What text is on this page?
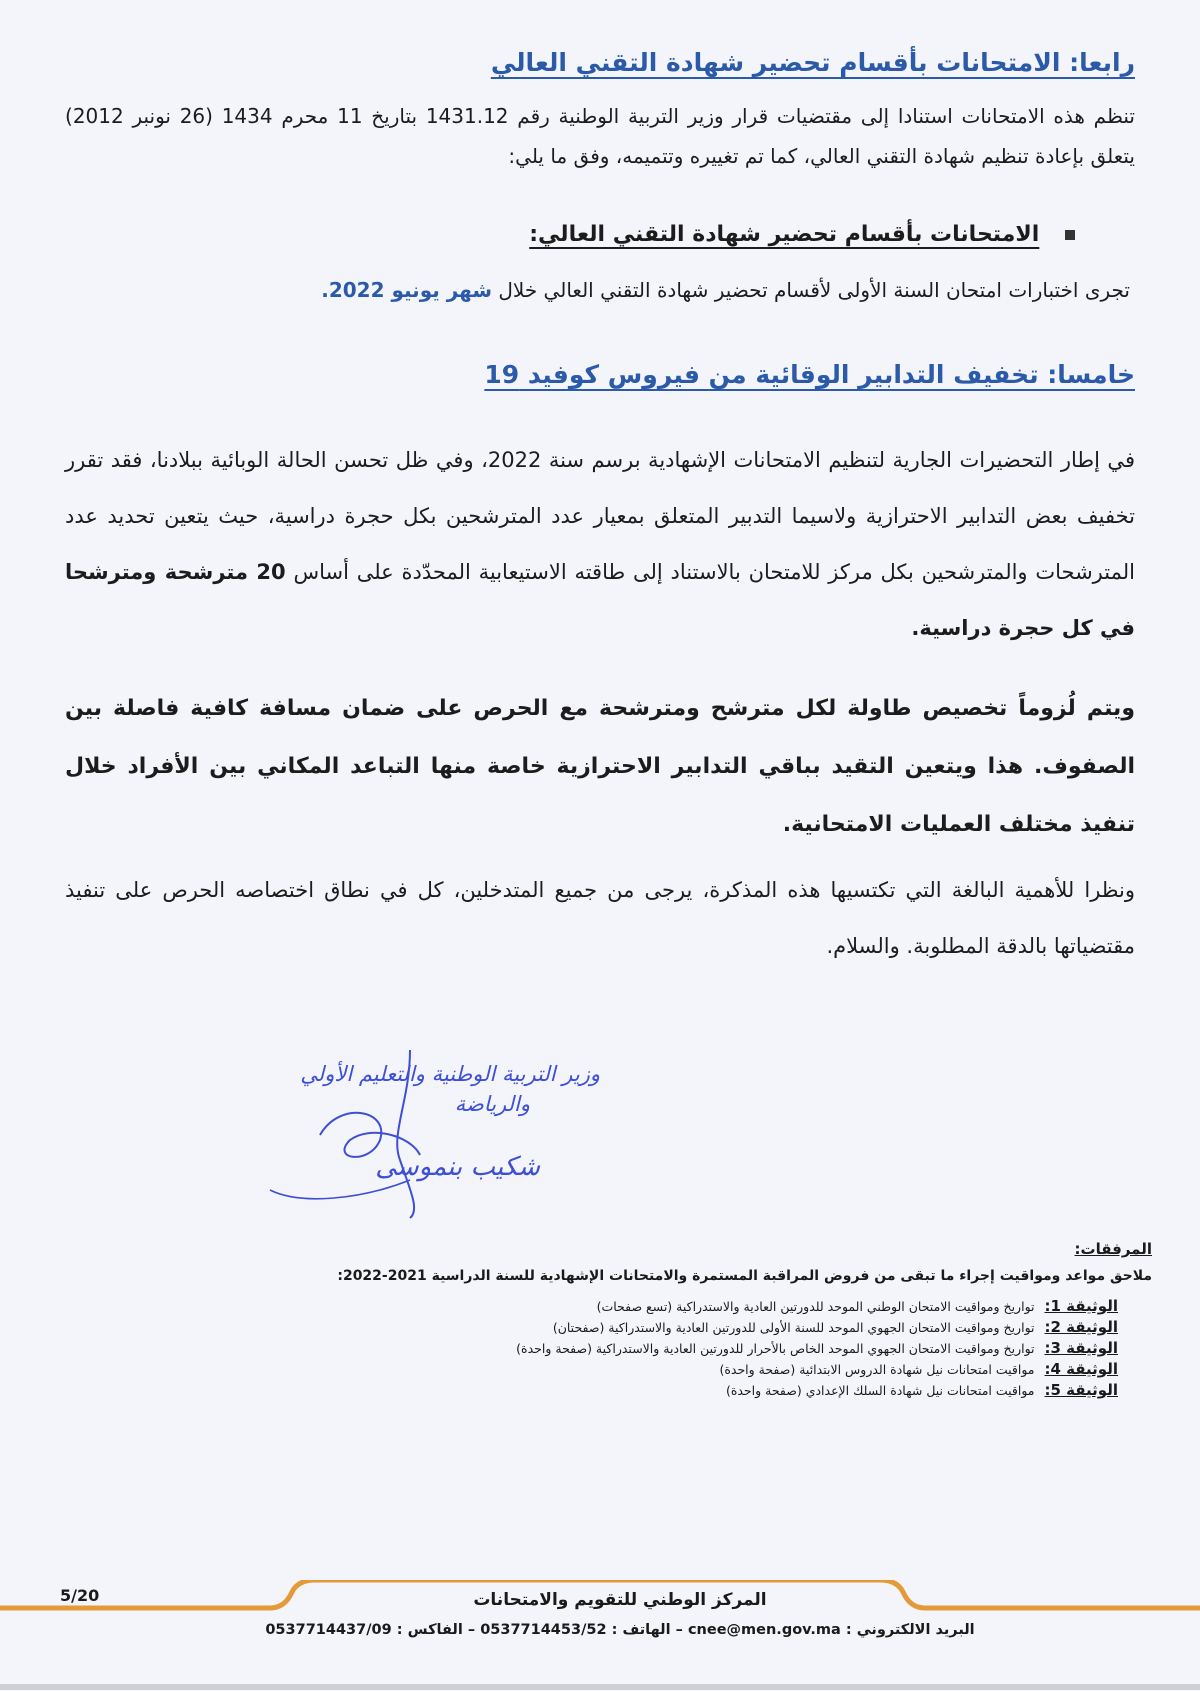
رابعا: الامتحانات بأقسام تحضير شهادة التقني العالي
تنظم هذه الامتحانات استنادا إلى مقتضيات قرار وزير التربية الوطنية رقم 1431.12 بتاريخ 11 محرم 1434 (26 نونبر 2012) يتعلق بإعادة تنظيم شهادة التقني العالي، كما تم تغييره وتتميمه، وفق ما يلي:
الامتحانات بأقسام تحضير شهادة التقني العالي:
تجرى اختبارات امتحان السنة الأولى لأقسام تحضير شهادة التقني العالي خلال شهر يونيو 2022.
خامسا: تخفيف التدابير الوقائية من فيروس كوفيد 19
في إطار التحضيرات الجارية لتنظيم الامتحانات الإشهادية برسم سنة 2022، وفي ظل تحسن الحالة الوبائية ببلادنا، فقد تقرر تخفيف بعض التدابير الاحترازية ولاسيما التدبير المتعلق بمعيار عدد المترشحين بكل حجرة دراسية، حيث يتعين تحديد عدد المترشحات والمترشحين بكل مركز للامتحان بالاستناد إلى طاقته الاستيعابية المحدّدة على أساس 20 مترشحة ومترشحا في كل حجرة دراسية.
ويتم لُزوماً تخصيص طاولة لكل مترشح ومترشحة مع الحرص على ضمان مسافة كافية فاصلة بين الصفوف. هذا ويتعين التقيد بباقي التدابير الاحترازية خاصة منها التباعد المكاني بين الأفراد خلال تنفيذ مختلف العمليات الامتحانية.
ونظرا للأهمية البالغة التي تكتسيها هذه المذكرة، يرجى من جميع المتدخلين، كل في نطاق اختصاصه الحرص على تنفيذ مقتضياتها بالدقة المطلوبة. والسلام.
وزير التربية الوطنية والتعليم الأولي
والرياضة
شكيب بنموسى
المرفقات:
ملاحق مواعد ومواقيت إجراء ما تبقى من فروض المراقبة المستمرة والامتحانات الإشهادية للسنة الدراسية 2021-2022:
الوثيقة 1: تواريخ ومواقيت الامتحان الوطني الموحد للدورتين العادية والاستدراكية (تسع صفحات)
الوثيقة 2: تواريخ ومواقيت الامتحان الجهوي الموحد للسنة الأولى للدورتين العادية والاستدراكية (صفحتان)
الوثيقة 3: تواريخ ومواقيت الامتحان الجهوي الموحد الخاص بالأحرار للدورتين العادية والاستدراكية (صفحة واحدة)
الوثيقة 4: مواقيت امتحانات نيل شهادة الدروس الابتدائية (صفحة واحدة)
الوثيقة 5: مواقيت امتحانات نيل شهادة السلك الإعدادي (صفحة واحدة)
5/20	المركز الوطني للتقويم والامتحانات
البريد الالكتروني : cnee@men.gov.ma – الهاتف : 0537714453/52 – الفاكس : 0537714437/09
